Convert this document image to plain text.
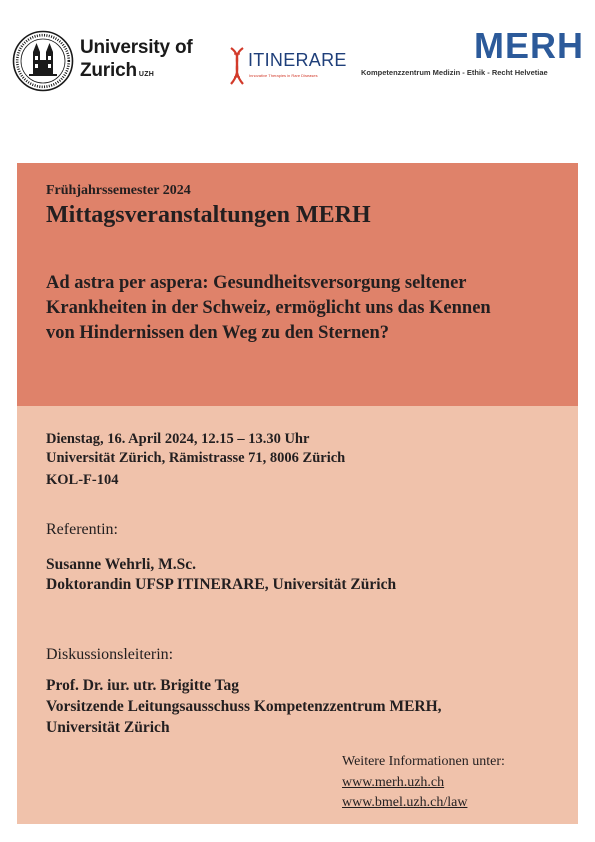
University of
Zurich $^{UZH}$
ITINERARE
Innovative Therapies in Rare Diseases
MERH
Kompetenzzentrum Medizin - Ethik - Recht Helvetiae
Frühjahrssemester 2024
Mittagsveranstaltungen MERH
Ad astra per aspera: Gesundheitsversorgung seltener
Krankheiten in der Schweiz, ermöglicht uns das Kennen
von Hindernissen den Weg zu den Sternen?
Dienstag, 16. April 2024, 12.15 – 13.30 Uhr
Universität Zürich, Rämistrasse 71, 8006 Zürich
KOL-F-104
Referentin:
Susanne Wehrli, M.Sc.
Doktorandin UFSP ITINERARE, Universität Zürich
Diskussionsleiterin:
Prof. Dr. iur. utr. Brigitte Tag
Vorsitzende Leitungsausschuss Kompetenzzentrum MERH,
Universität Zürich
Weitere Informationen unter:
www.merh.uzh.ch
www.bmel.uzh.ch/law
